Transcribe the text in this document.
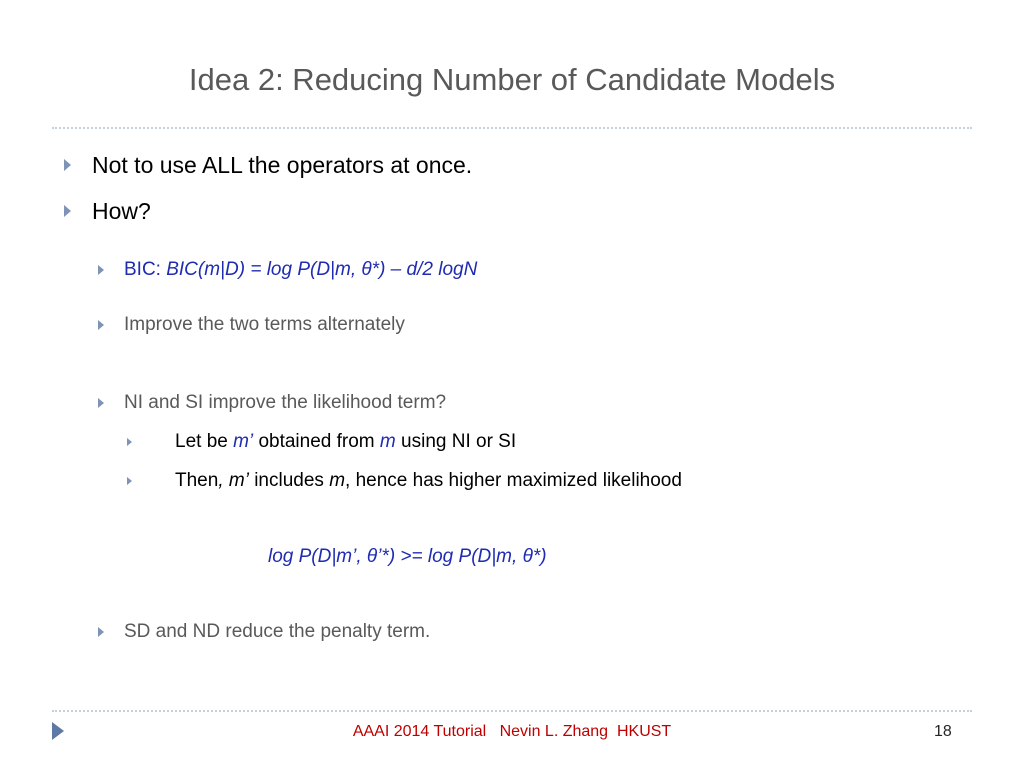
Idea 2: Reducing Number of Candidate Models
Not to use ALL the operators at once.
How?
BIC: BIC(m|D) = log P(D|m, θ*) – d/2 logN
Improve the two terms alternately
NI and SI improve the likelihood term?
Let be m’ obtained from m using NI or SI
Then, m’ includes m, hence has higher maximized likelihood
log P(D|m’, θ’*) >= log P(D|m, θ*)
SD and ND reduce the penalty term.
AAAI 2014 Tutorial   Nevin L. Zhang  HKUST	18
